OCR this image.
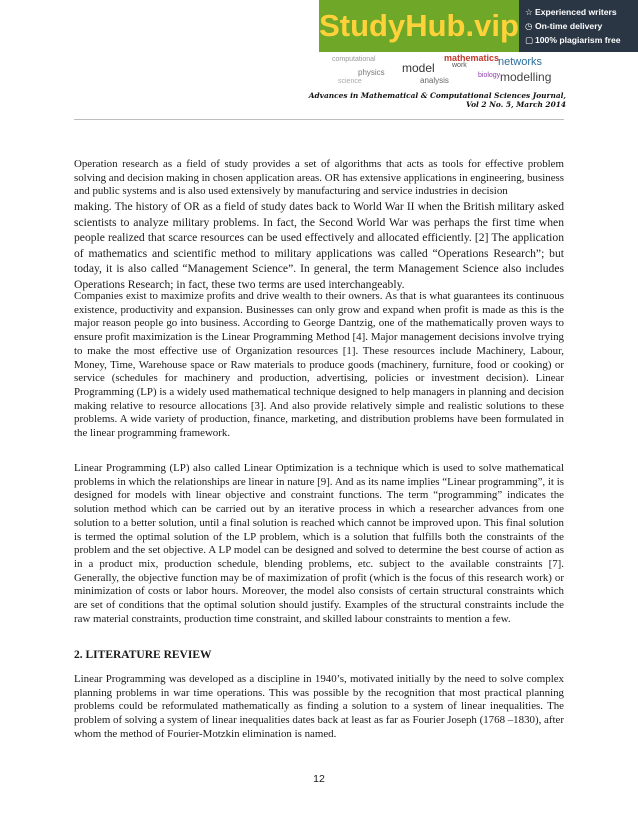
StudyHub.vip ☆ Experienced writers
◷ On-time delivery
▢ 100% plagiarism free
mathematics
model work	networks
modelling
biology
computational
physics
analysis
science
Advances in Mathematical & Computational Sciences Journal,
Vol 2 No. 5, March 2014
Operation research as a field of study provides a set of algorithms that acts as tools for effective problem solving and decision making in chosen application areas. OR has extensive applications in engineering, business and public systems and is also used extensively by manufacturing and service industries in decision
making. The history of OR as a field of study dates back to World War II when the British military asked scientists to analyze military problems. In fact, the Second World War was perhaps the first time when people realized that scarce resources can be used effectively and allocated efficiently. [2] The application of mathematics and scientific method to military applications was called “Operations Research”; but today, it is also called “Management Science”. In general, the term Management Science also includes Operations Research; in fact, these two terms are used interchangeably.
Companies exist to maximize profits and drive wealth to their owners. As that is what guarantees its continuous existence, productivity and expansion. Businesses can only grow and expand when profit is made as this is the major reason people go into business. According to George Dantzig, one of the mathematically proven ways to ensure profit maximization is the Linear Programming Method [4]. Major management decisions involve trying to make the most effective use of Organization resources [1]. These resources include Machinery, Labour, Money, Time, Warehouse space or Raw materials to produce goods (machinery, furniture, food or cooking) or service (schedules for machinery and production, advertising, policies or investment decision). Linear Programming (LP) is a widely used mathematical technique designed to help managers in planning and decision making relative to resource allocations [3]. And also provide relatively simple and realistic solutions to these problems. A wide variety of production, finance, marketing, and distribution problems have been formulated in the linear programming framework.
Linear Programming (LP) also called Linear Optimization is a technique which is used to solve mathematical problems in which the relationships are linear in nature [9]. And as its name implies “Linear programming”, it is designed for models with linear objective and constraint functions. The term “programming” indicates the solution method which can be carried out by an iterative process in which a researcher advances from one solution to a better solution, until a final solution is reached which cannot be improved upon. This final solution is termed the optimal solution of the LP problem, which is a solution that fulfills both the constraints of the problem and the set objective. A LP model can be designed and solved to determine the best course of action as in a product mix, production schedule, blending problems, etc. subject to the available constraints [7]. Generally, the objective function may be of maximization of profit (which is the focus of this research work) or minimization of costs or labor hours. Moreover, the model also consists of certain structural constraints which are set of conditions that the optimal solution should justify. Examples of the structural constraints include the raw material constraints, production time constraint, and skilled labour constraints to mention a few.
2. LITERATURE REVIEW
Linear Programming was developed as a discipline in 1940’s, motivated initially by the need to solve complex planning problems in war time operations. This was possible by the recognition that most practical planning problems could be reformulated mathematically as finding a solution to a system of linear inequalities. The problem of solving a system of linear inequalities dates back at least as far as Fourier Joseph (1768 –1830), after whom the method of Fourier-Motzkin elimination is named.
12
